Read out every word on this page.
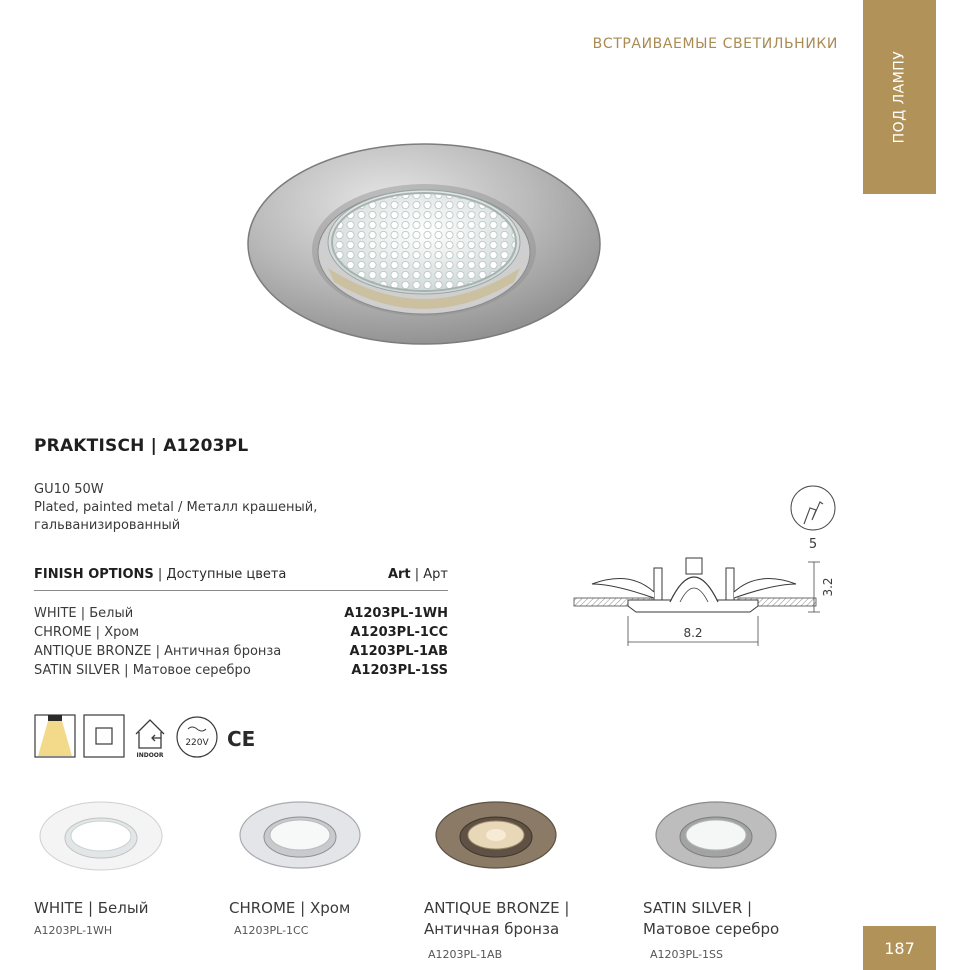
ПОД ЛАМПУ
ВСТРАИВАЕМЫЕ СВЕТИЛЬНИКИ
PRAKTISCH | A1203PL
GU10 50W
Plated, painted metal / Металл крашеный,
гальванизированный
FINISH OPTIONS | Доступные цвета	Art | Арт
WHITE | Белый	A1203PL-1WH
CHROME | Хром	A1203PL-1CC
ANTIQUE BRONZE | Античная бронза	A1203PL-1AB
SATIN SILVER | Матовое серебро	A1203PL-1SS
INDOOR
220V CE
5
3.2
8.2
WHITE | Белый
A1203PL-1WH
CHROME | Хром
A1203PL-1CC
ANTIQUE BRONZE |
Античная бронза
A1203PL-1AB
SATIN SILVER |
Матовое серебро
A1203PL-1SS	187
